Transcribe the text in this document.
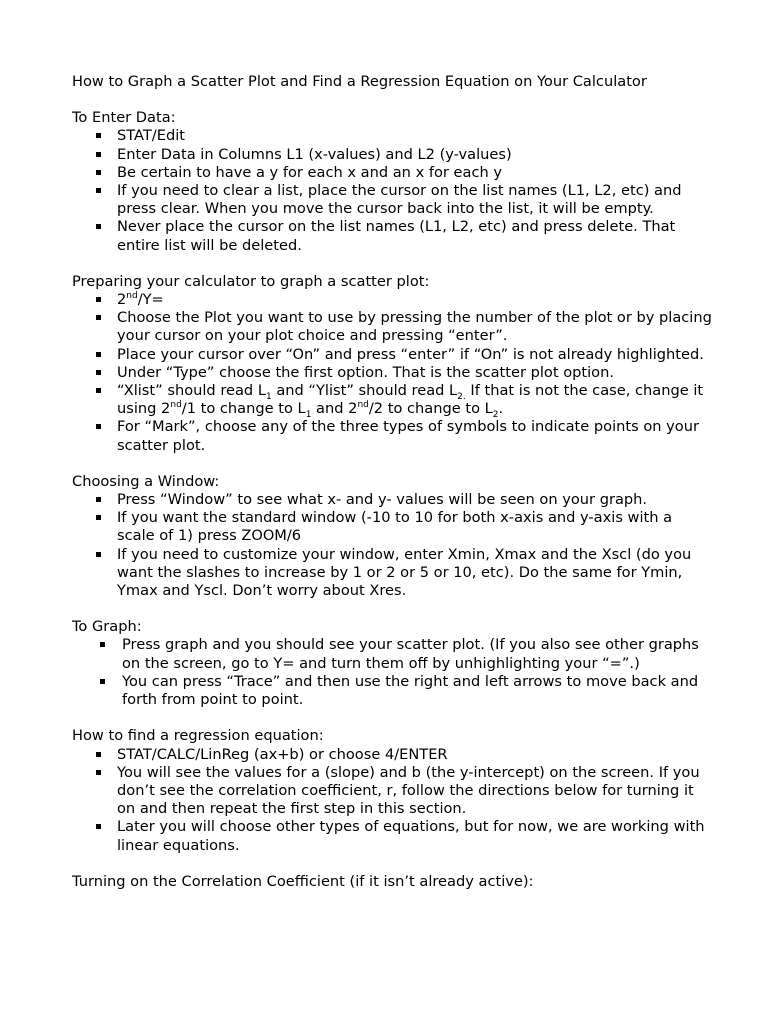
How to Graph a Scatter Plot and Find a Regression Equation on Your Calculator
To Enter Data:
STAT/Edit
Enter Data in Columns L1 (x-values) and L2 (y-values)
Be certain to have a y for each x and an x for each y
If you need to clear a list, place the cursor on the list names (L1, L2, etc) and press clear. When you move the cursor back into the list, it will be empty.
Never place the cursor on the list names (L1, L2, etc) and press delete. That entire list will be deleted.
Preparing your calculator to graph a scatter plot:
2nd/Y=
Choose the Plot you want to use by pressing the number of the plot or by placing your cursor on your plot choice and pressing “enter”.
Place your cursor over “On” and press “enter” if “On” is not already highlighted.
Under “Type” choose the first option. That is the scatter plot option.
“Xlist” should read $L_1$ and “Ylist” should read $L_{2.}$ If that is not the case, change it using 2nd/1 to change to $L_1$ and 2nd/2 to change to $L_2$.
For “Mark”, choose any of the three types of symbols to indicate points on your scatter plot.
Choosing a Window:
Press “Window” to see what x- and y- values will be seen on your graph.
If you want the standard window (-10 to 10 for both x-axis and y-axis with a scale of 1) press ZOOM/6
If you need to customize your window, enter Xmin, Xmax and the Xscl (do you want the slashes to increase by 1 or 2 or 5 or 10, etc). Do the same for Ymin, Ymax and Yscl. Don’t worry about Xres.
To Graph:
Press graph and you should see your scatter plot. (If you also see other graphs on the screen, go to Y= and turn them off by unhighlighting your “=”.)
You can press “Trace” and then use the right and left arrows to move back and forth from point to point.
How to find a regression equation:
STAT/CALC/LinReg (ax+b) or choose 4/ENTER
You will see the values for a (slope) and b (the y-intercept) on the screen. If you don’t see the correlation coefficient, r, follow the directions below for turning it on and then repeat the first step in this section.
Later you will choose other types of equations, but for now, we are working with linear equations.
Turning on the Correlation Coefficient (if it isn’t already active):
